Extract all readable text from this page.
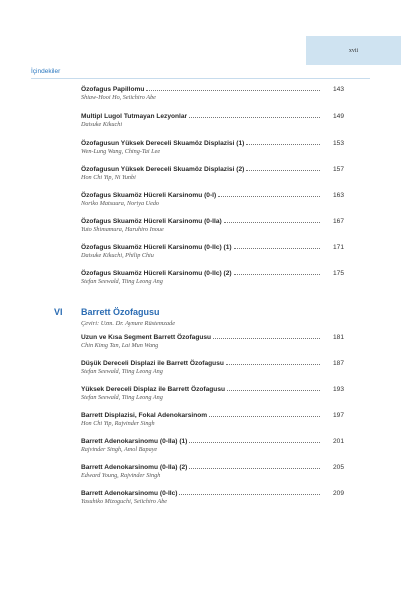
xvii
İçindekiler
Özofagus Papillomu	143
Shiaw-Hooi Ho, Seiichiro Abe
Multipl Lugol Tutmayan Lezyonlar	149
Daisuke Kikuchi
Özofagusun Yüksek Dereceli Skuamöz Displazisi (1)	153
Wen-Lung Wang, Ching-Tai Lee
Özofagusun Yüksek Dereceli Skuamöz Displazisi (2)	157
Hon Chi Yip, Ni Yunbi
Özofagus Skuamöz Hücreli Karsinomu (0-I)	163
Noriko Matsuura, Noriya Uedo
Özofagus Skuamöz Hücreli Karsinomu (0-IIa)	167
Yuto Shimamura, Haruhiro Inoue
Özofagus Skuamöz Hücreli Karsinomu (0-IIc) (1)	171
Daisuke Kikuchi, Philip Chiu
Özofagus Skuamöz Hücreli Karsinomu (0-IIc) (2)	175
Stefan Seewald, Tiing Leong Ang
VI Barrett Özofagusu
Çeviri: Uzm. Dr. Aynure Rüstemzade
Uzun ve Kısa Segment Barrett Özofagusu	181
Chin Kimg Tan, Lai Mun Wang
Düşük Dereceli Displazi ile Barrett Özofagusu	187
Stefan Seewald, Tiing Leong Ang
Yüksek Dereceli Displaz ile Barrett Özofagusu	193
Stefan Seewald, Tiing Leong Ang
Barrett Displazisi, Fokal Adenokarsinom	197
Hon Chi Yip, Rajvinder Singh
Barrett Adenokarsinomu (0-IIa) (1)	201
Rajvinder Singh, Amol Bapaye
Barrett Adenokarsinomu (0-IIa) (2)	205
Edward Young, Rajvinder Singh
Barrett Adenokarsinomu (0-IIc)	209
Yasuhiko Mizoguchi, Seiichiro Abe
